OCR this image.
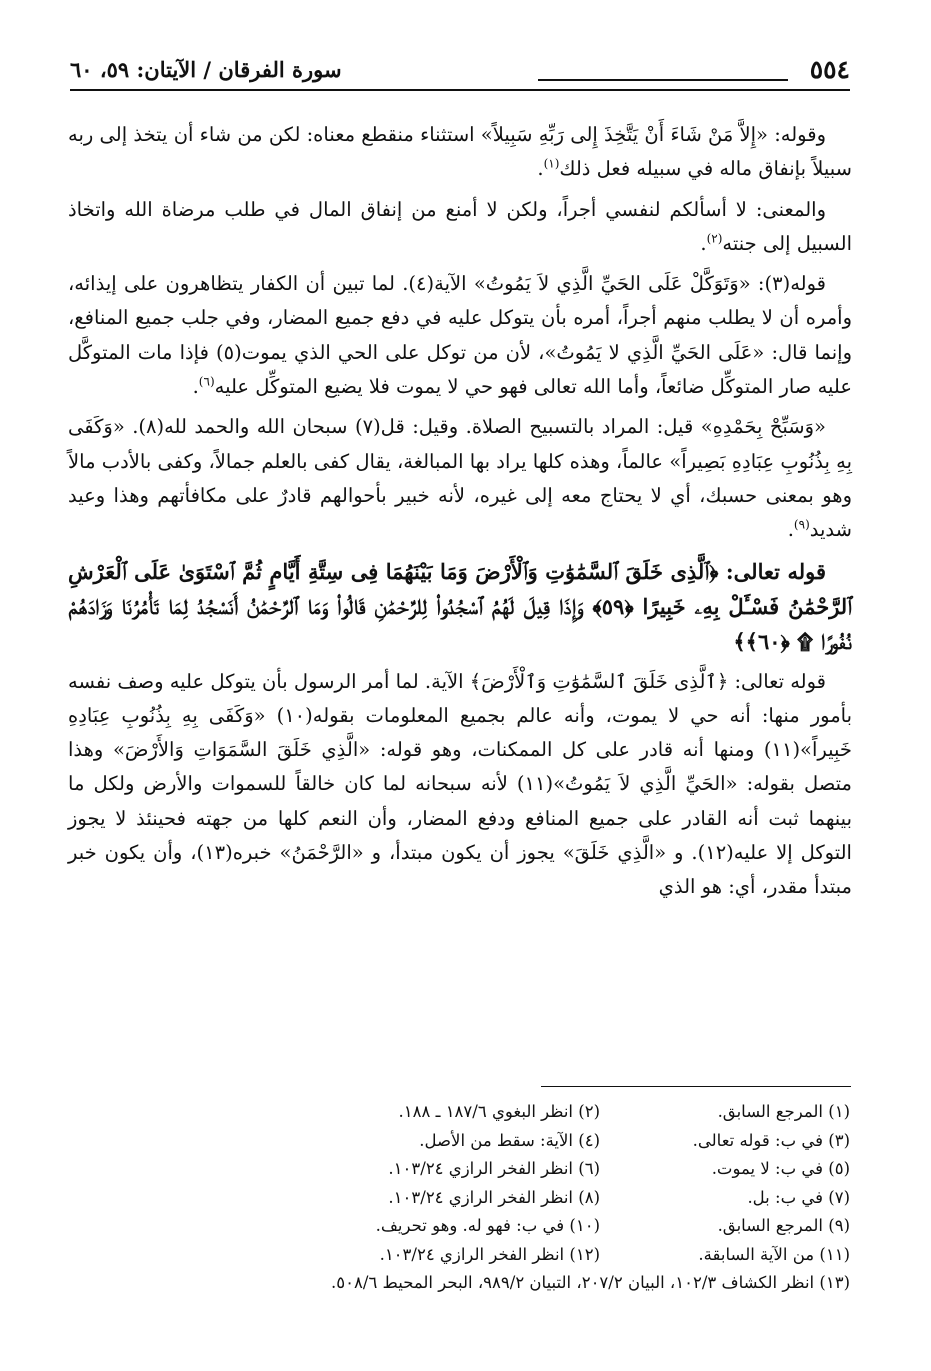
٥٥٤
سورة الفرقان / الآيتان: ٥٩، ٦٠

وقوله: «إِلاَّ مَنْ شَاءَ أَنْ يَتَّخِذَ إِلى رَبِّهِ سَبِيلاً» استثناء منقطع معناه: لكن من شاء أن يتخذ إلى ربه سبيلاً بإنفاق ماله في سبيله فعل ذلك$^{(١)}$.

والمعنى: لا أسألكم لنفسي أجراً، ولكن لا أمنع من إنفاق المال في طلب مرضاة الله واتخاذ السبيل إلى جنته$^{(٢)}$.

قوله(٣): «وَتَوَكَّلْ عَلَى الحَيِّ الَّذِي لاَ يَمُوتُ» الآية(٤). لما تبين أن الكفار يتظاهرون على إيذائه، وأمره أن لا يطلب منهم أجراً، أمره بأن يتوكل عليه في دفع جميع المضار، وفي جلب جميع المنافع، وإنما قال: «عَلَى الحَيِّ الَّذِي لا يَمُوتُ»، لأن من توكل على الحي الذي يموت(٥) فإذا مات المتوكَّل عليه صار المتوكِّل ضائعاً، وأما الله تعالى فهو حي لا يموت فلا يضيع المتوكِّل عليه$^{(٦)}$.

«وَسَبِّحْ بِحَمْدِهِ» قيل: المراد بالتسبيح الصلاة. وقيل: قل(٧) سبحان الله والحمد لله(٨). «وَكَفَى بِهِ بِذُنُوبِ عِبَادِهِ بَصِيراً» عالماً، وهذه كلها يراد بها المبالغة، يقال كفى بالعلم جمالاً، وكفى بالأدب مالاً وهو بمعنى حسبك، أي لا يحتاج معه إلى غيره، لأنه خبير بأحوالهم قادرٌ على مكافأتهم وهذا وعيد شديد$^{(٩)}$.

قوله تعالى: ﴿ٱلَّذِى خَلَقَ ٱلسَّمَٰوَٰتِ وَٱلْأَرْضَ وَمَا بَيْنَهُمَا فِى سِتَّةِ أَيَّامٍ ثُمَّ ٱسْتَوَىٰ عَلَى ٱلْعَرْشِ ٱلرَّحْمَٰنُ فَسْـَٔلْ بِهِۦ خَبِيرًا ﴿٥٩﴾ وَإِذَا قِيلَ لَهُمُ ٱسْجُدُوا۟ لِلرَّحْمَٰنِ قَالُوا۟ وَمَا ٱلرَّحْمَٰنُ أَنَسْجُدُ لِمَا تَأْمُرُنَا وَزَادَهُمْ نُفُورًا ۩ ﴿٦٠﴾﴾

قوله تعالى: ﴿ٱلَّذِى خَلَقَ ٱلسَّمَٰوَٰتِ وَٱلْأَرْضَ﴾ الآية. لما أمر الرسول بأن يتوكل عليه وصف نفسه بأمور منها: أنه حي لا يموت، وأنه عالم بجميع المعلومات بقوله(١٠) «وَكَفَى بِهِ بِذُنُوبِ عِبَادِهِ خَبِيراً»(١١) ومنها أنه قادر على كل الممكنات، وهو قوله: «الَّذِي خَلَقَ السَّمَوَاتِ وَالأَرْضَ» وهذا متصل بقوله: «الحَيِّ الَّذِي لاَ يَمُوتُ»(١١) لأنه سبحانه لما كان خالقاً للسموات والأرض ولكل ما بينهما ثبت أنه القادر على جميع المنافع ودفع المضار، وأن النعم كلها من جهته فحينئذ لا يجوز التوكل إلا عليه(١٢). و «الَّذِي خَلَقَ» يجوز أن يكون مبتدأ، و «الرَّحْمَنُ» خبره(١٣)، وأن يكون خبر مبتدأ مقدر، أي: هو الذي

(١) المرجع السابق.
(٢) انظر البغوي ١٨٧/٦ ـ ١٨٨.
(٣) في ب: قوله تعالى.
(٤) الآية: سقط من الأصل.
(٥) في ب: لا يموت.
(٦) انظر الفخر الرازي ١٠٣/٢٤.
(٧) في ب: بل.
(٨) انظر الفخر الرازي ١٠٣/٢٤.
(٩) المرجع السابق.
(١٠) في ب: فهو له. وهو تحريف.
(١١) من الآية السابقة.
(١٢) انظر الفخر الرازي ١٠٣/٢٤.
(١٣) انظر الكشاف ١٠٢/٣، البيان ٢٠٧/٢، التبيان ٩٨٩/٢، البحر المحيط ٥٠٨/٦.
